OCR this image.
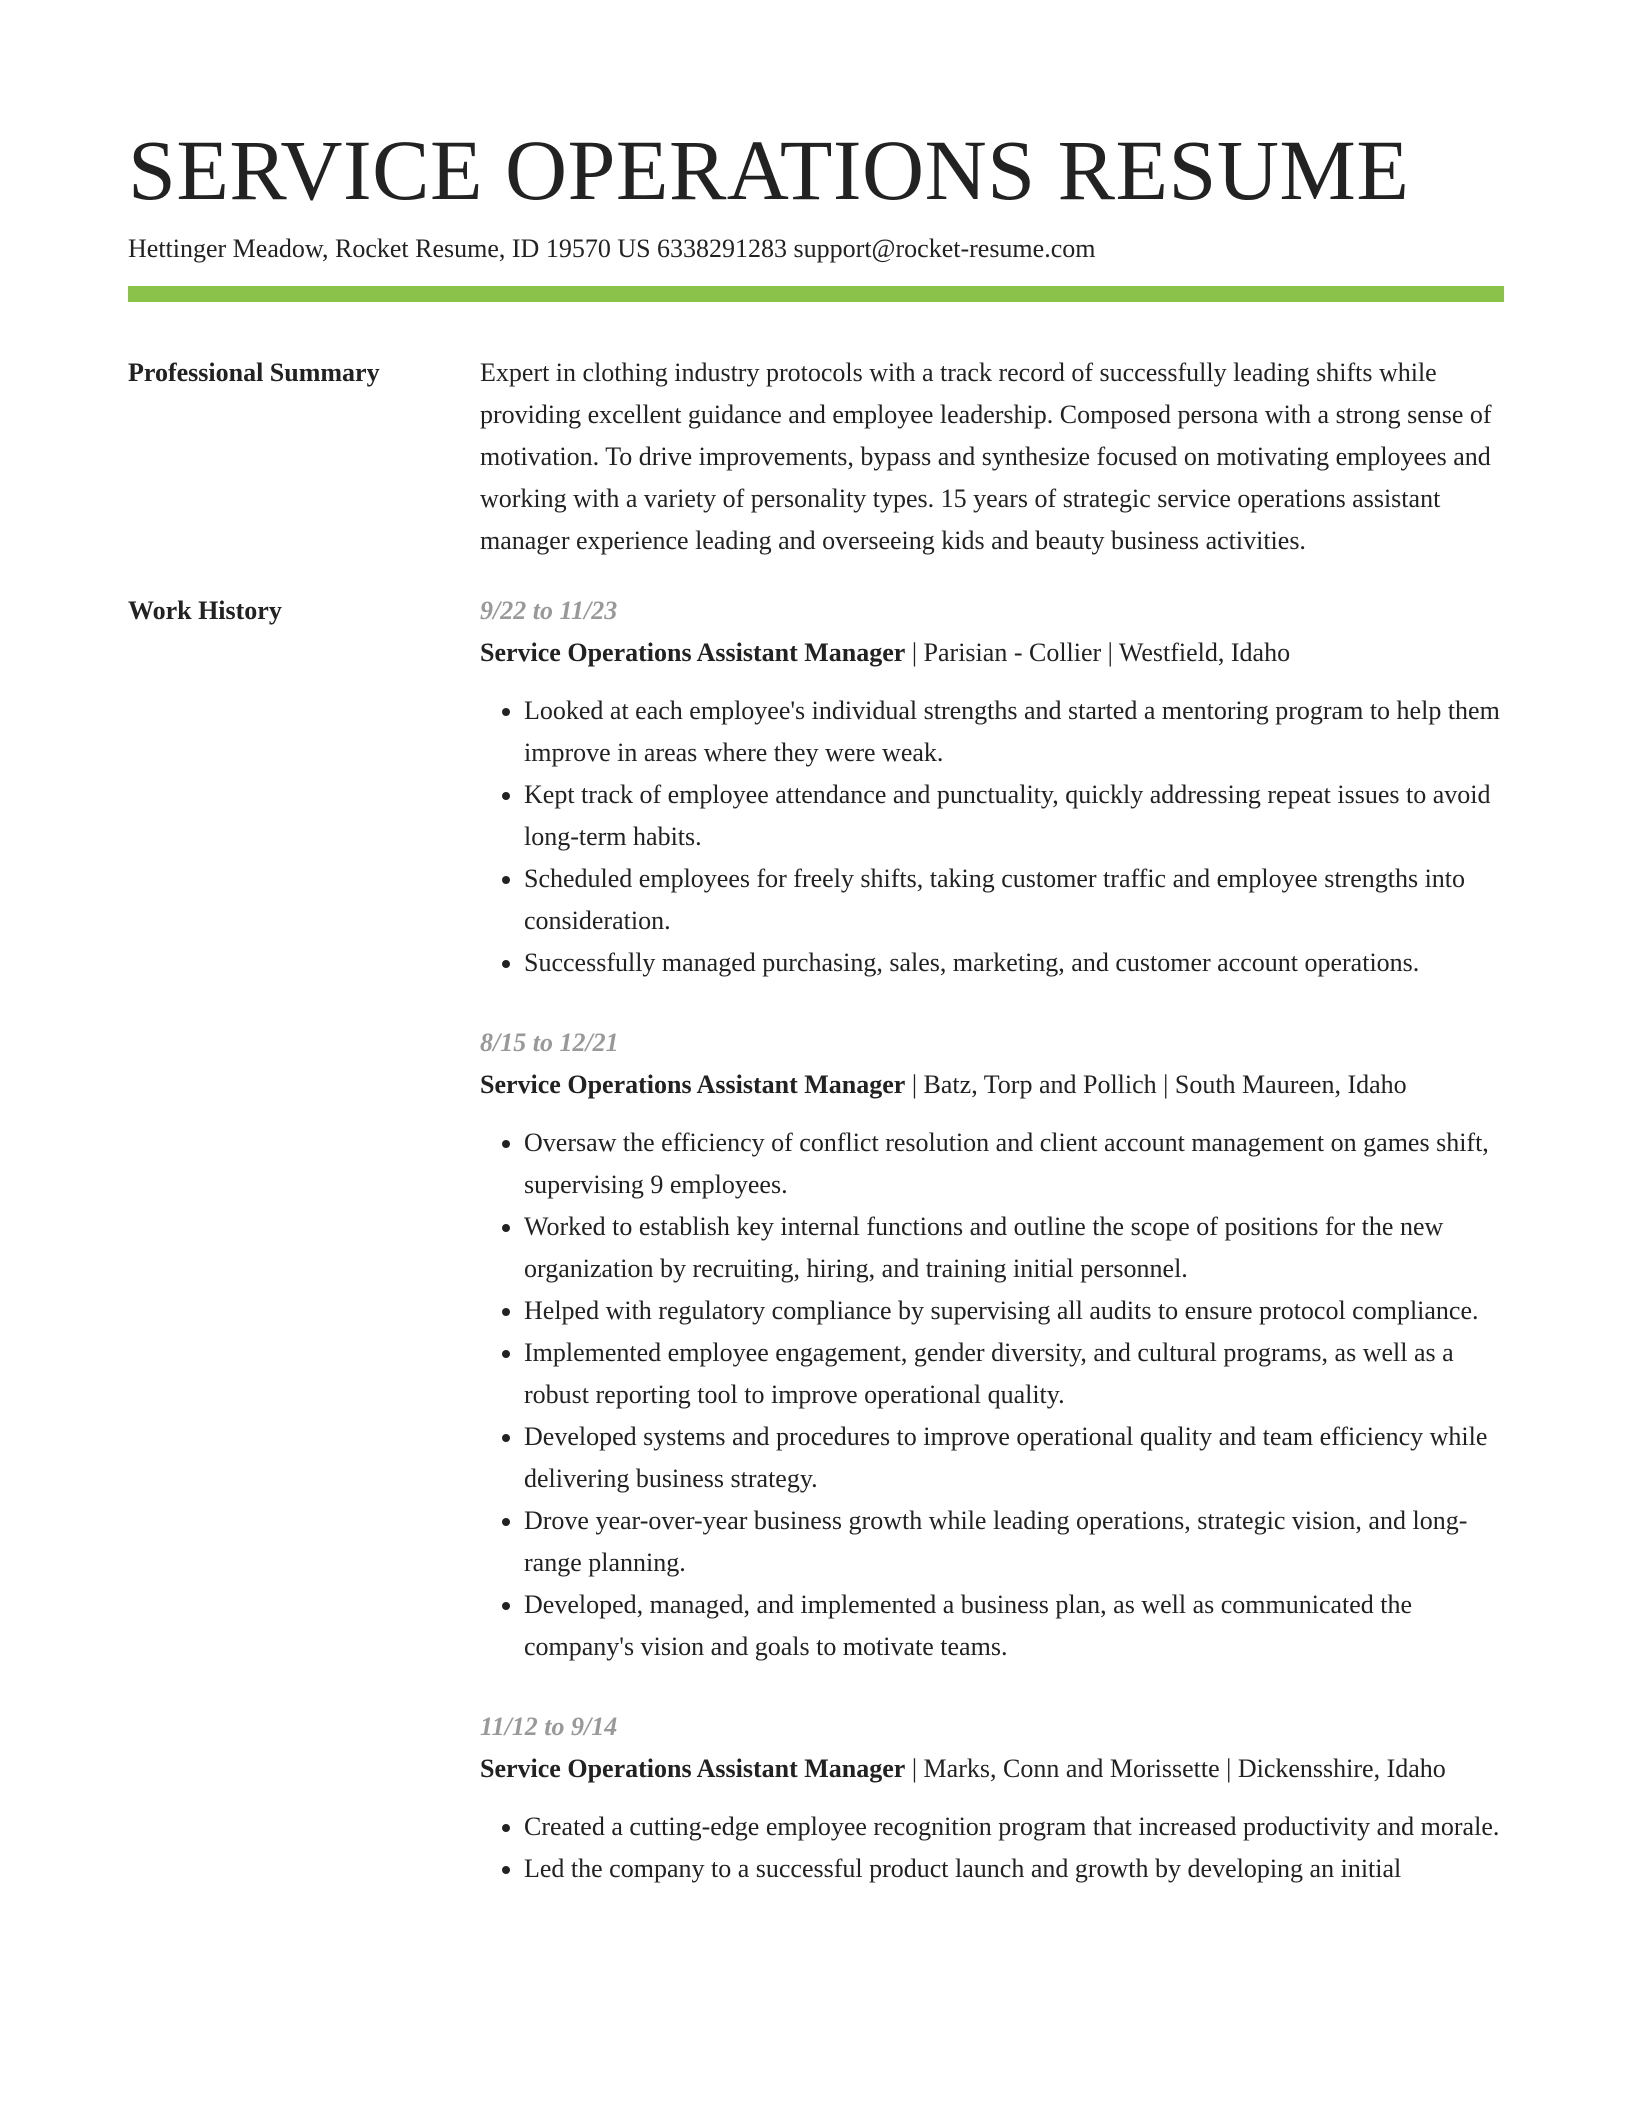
SERVICE OPERATIONS RESUME
Hettinger Meadow, Rocket Resume, ID 19570 US 6338291283 support@rocket-resume.com
Professional Summary	Expert in clothing industry protocols with a track record of successfully leading shifts while providing excellent guidance and employee leadership. Composed persona with a strong sense of motivation. To drive improvements, bypass and synthesize focused on motivating employees and working with a variety of personality types. 15 years of strategic service operations assistant manager experience leading and overseeing kids and beauty business activities.

Work History	9/22 to 11/23
Service Operations Assistant Manager | Parisian - Collier | Westfield, Idaho
• Looked at each employee's individual strengths and started a mentoring program to help them improve in areas where they were weak.
• Kept track of employee attendance and punctuality, quickly addressing repeat issues to avoid long-term habits.
• Scheduled employees for freely shifts, taking customer traffic and employee strengths into consideration.
• Successfully managed purchasing, sales, marketing, and customer account operations.
8/15 to 12/21
Service Operations Assistant Manager | Batz, Torp and Pollich | South Maureen, Idaho
• Oversaw the efficiency of conflict resolution and client account management on games shift, supervising 9 employees.
• Worked to establish key internal functions and outline the scope of positions for the new organization by recruiting, hiring, and training initial personnel.
• Helped with regulatory compliance by supervising all audits to ensure protocol compliance.
• Implemented employee engagement, gender diversity, and cultural programs, as well as a robust reporting tool to improve operational quality.
• Developed systems and procedures to improve operational quality and team efficiency while delivering business strategy.
• Drove year-over-year business growth while leading operations, strategic vision, and long-range planning.
• Developed, managed, and implemented a business plan, as well as communicated the company's vision and goals to motivate teams.
11/12 to 9/14
Service Operations Assistant Manager | Marks, Conn and Morissette | Dickensshire, Idaho
• Created a cutting-edge employee recognition program that increased productivity and morale.
• Led the company to a successful product launch and growth by developing an initial
